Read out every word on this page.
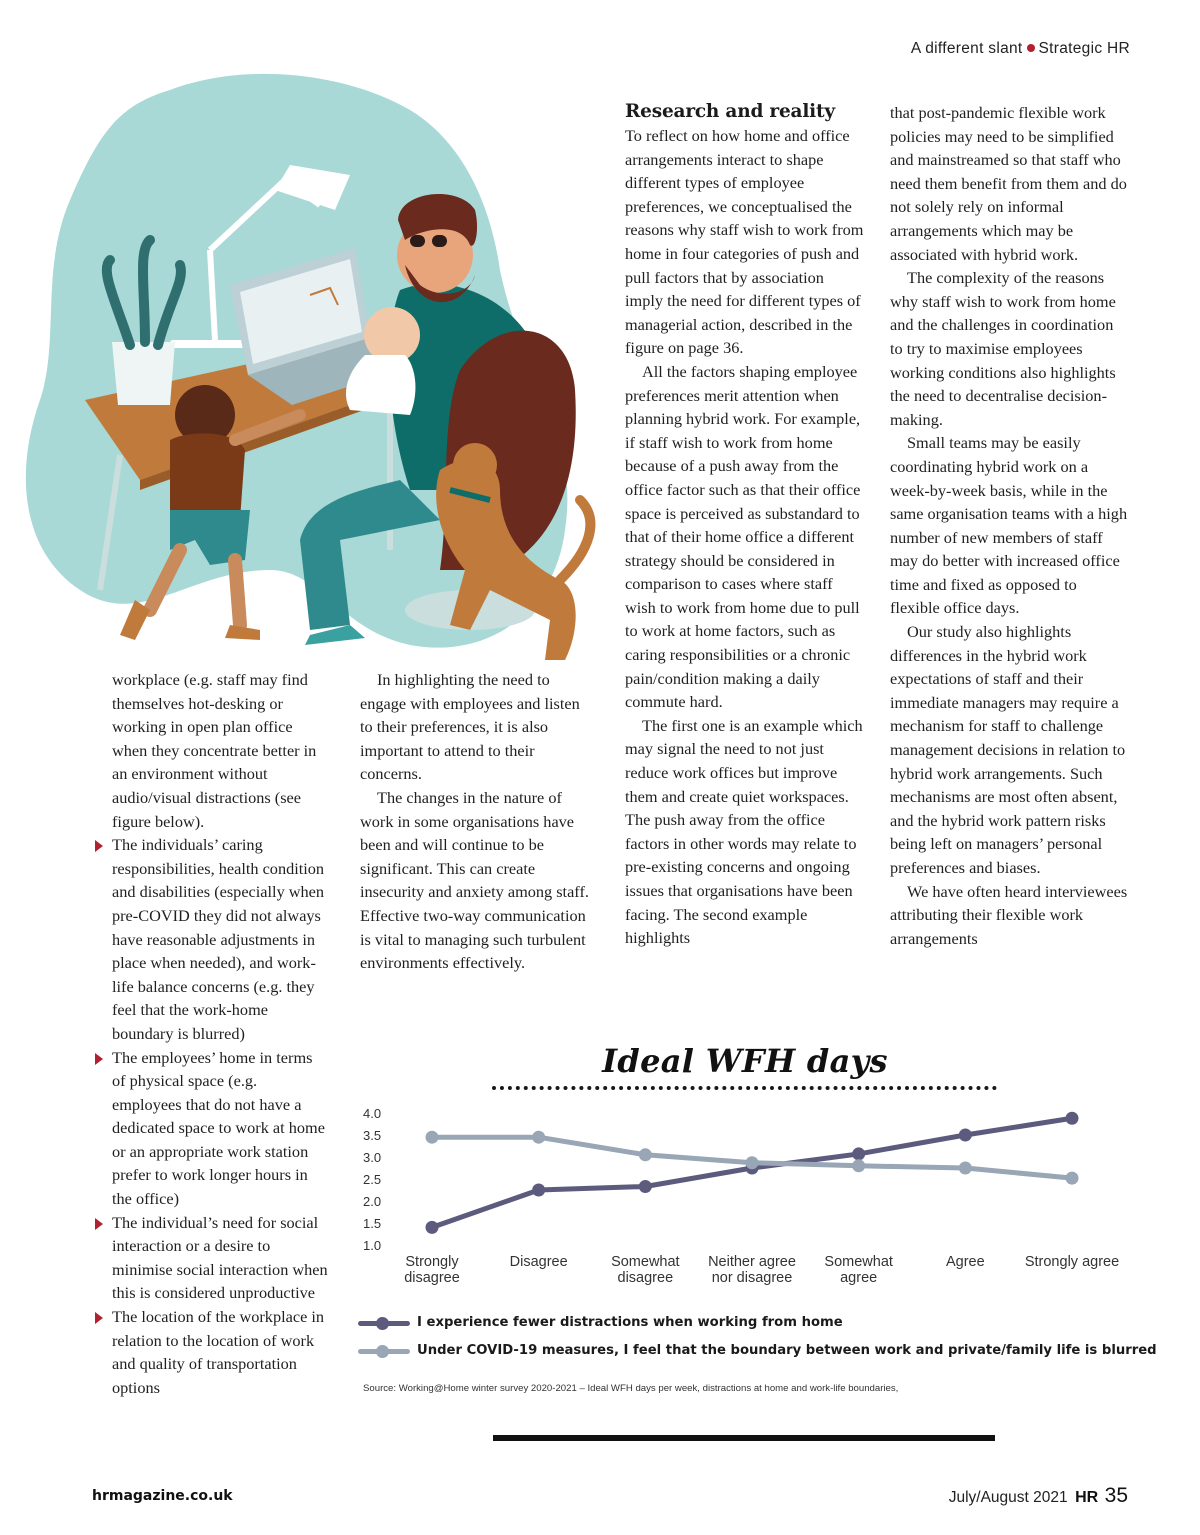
A different slant Strategic HR

workplace (e.g. staff may find themselves hot-desking or working in open plan office when they concentrate better in an environment without audio/visual distractions (see figure below).

The individuals’ caring responsibilities, health condition and disabilities (especially when pre-COVID they did not always have reasonable adjustments in place when needed), and work-life balance concerns (e.g. they feel that the work-home boundary is blurred)
The employees’ home in terms of physical space (e.g. employees that do not have a dedicated space to work at home or an appropriate work station prefer to work longer hours in the office)
The individual’s need for social interaction or a desire to minimise social interaction when this is considered unproductive
The location of the workplace in relation to the location of work and quality of transportation options

In highlighting the need to engage with employees and listen to their preferences, it is also important to attend to their concerns.

The changes in the nature of work in some organisations have been and will continue to be significant. This can create insecurity and anxiety among staff. Effective two-way communication is vital to managing such turbulent environments effectively.

Research and reality

To reflect on how home and office arrangements interact to shape different types of employee preferences, we conceptualised the reasons why staff wish to work from home in four categories of push and pull factors that by association imply the need for different types of managerial action, described in the figure on page 36.

All the factors shaping employee preferences merit attention when planning hybrid work. For example, if staff wish to work from home because of a push away from the office factor such as that their office space is perceived as substandard to that of their home office a different strategy should be considered in comparison to cases where staff wish to work from home due to pull to work at home factors, such as caring responsibilities or a chronic pain/condition making a daily commute hard.

The first one is an example which may signal the need to not just reduce work offices but improve them and create quiet workspaces. The push away from the office factors in other words may relate to pre-existing concerns and ongoing issues that organisations have been facing. The second example highlights

that post-pandemic flexible work policies may need to be simplified and mainstreamed so that staff who need them benefit from them and do not solely rely on informal arrangements which may be associated with hybrid work.

The complexity of the reasons why staff wish to work from home and the challenges in coordination to try to maximise employees working conditions also highlights the need to decentralise decision-making.

Small teams may be easily coordinating hybrid work on a week-by-week basis, while in the same organisation teams with a high number of new members of staff may do better with increased office time and fixed as opposed to flexible office days.

Our study also highlights differences in the hybrid work expectations of staff and their immediate managers may require a mechanism for staff to challenge management decisions in relation to hybrid work arrangements. Such mechanisms are most often absent, and the hybrid work pattern risks being left on managers’ personal preferences and biases.

We have often heard interviewees attributing their flexible work arrangements

Ideal WFH days
4.0
3.5
3.0
2.5
2.0
1.5
1.0
Strongly
disagree
Disagree	Somewhat
disagree
Neither agree
nor disagree
Somewhat
agree
Agree	Strongly agree
I experience fewer distractions when working from home
Under COVID-19 measures, I feel that the boundary between work and private/family life is blurred
Source: Working@Home winter survey 2020-2021 – Ideal WFH days per week, distractions at home and work-life boundaries,
hrmagazine.co.uk	July/August 2021 HR 35
